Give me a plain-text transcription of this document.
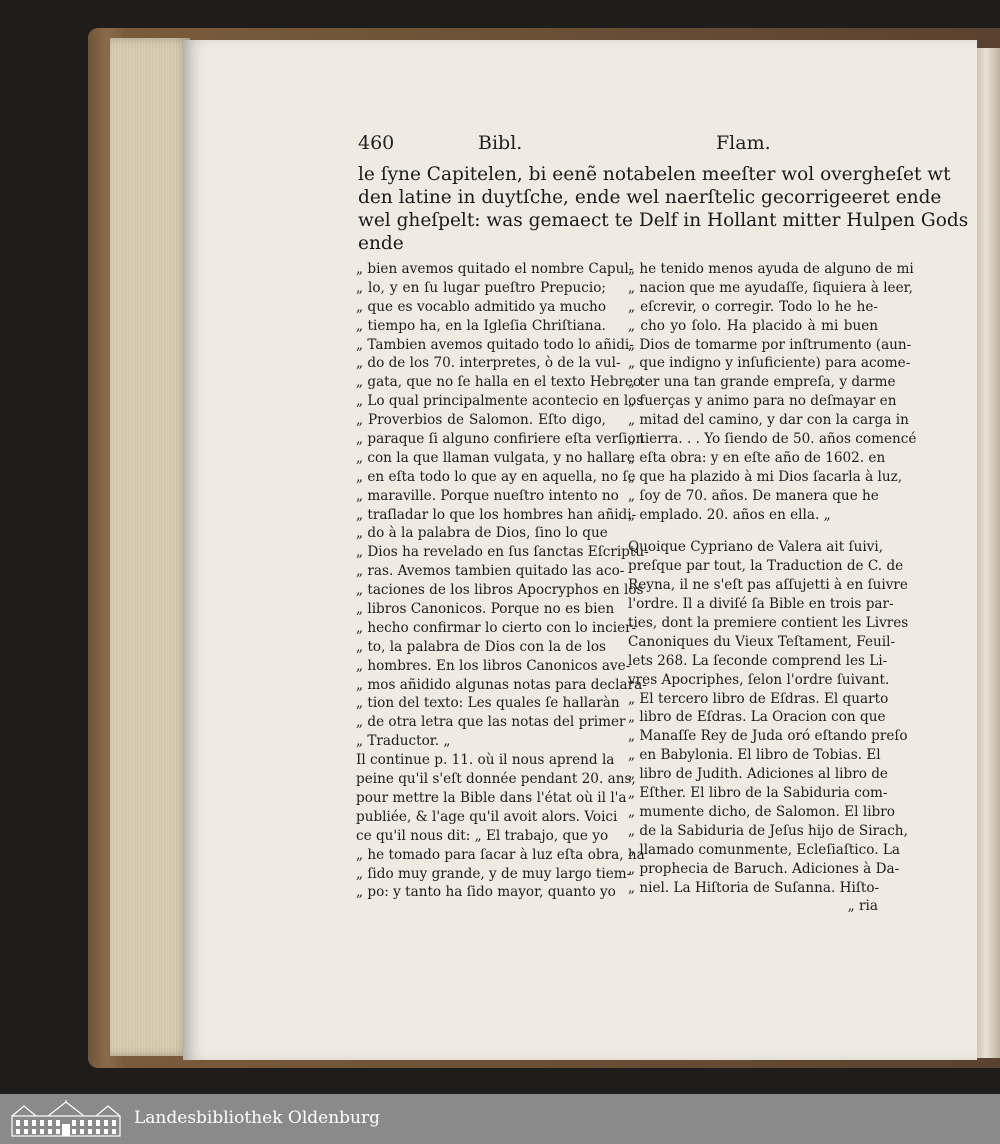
460	Bibl.	Flam.
le ſyne Capitelen, bi eenẽ notabelen meeſter wol overgheſet wt
den latine in duytſche, ende wel naerſtelic gecorrigeeret ende
wel gheſpelt: was gemaect te Delf in Hollant mitter Hulpen Gods
ende
„ bien avemos quitado el nombre Capul-
„ lo, y en ſu lugar pueſtro Prepucio;
„ que es vocablo admitido ya mucho
„ tiempo ha, en la Igleſia Chriſtiana.
„ Tambien avemos quitado todo lo añidi-
„ do de los 70. interpretes, ò de la vul-
„ gata, que no ſe halla en el texto Hebreo.
„ Lo qual principalmente acontecio en los
„ Proverbios de Salomon. Eſto digo,
„ paraque ſi alguno confiriere eſta verſion
„ con la que llaman vulgata, y no hallare
„ en eſta todo lo que ay en aquella, no ſe
„ maraville. Porque nueſtro intento no
„ traſladar lo que los hombres han añidi-
„ do à la palabra de Dios, ſino lo que
„ Dios ha revelado en ſus ſanctas Eſcriptu-
„ ras. Avemos tambien quitado las aco-
„ taciones de los libros Apocryphos en los
„ libros Canonicos. Porque no es bien
„ hecho confirmar lo cierto con lo incier-
„ to, la palabra de Dios con la de los
„ hombres. En los libros Canonicos ave-
„ mos añidido algunas notas para declara-
„ tion del texto: Les quales ſe hallaràn
„ de otra letra que las notas del primer
„ Traductor. „
Il continue p. 11. où il nous aprend la
peine qu'il s'eſt donnée pendant 20. ans,
pour mettre la Bible dans l'état où il l'a
publiée, & l'age qu'il avoit alors. Voici
ce qu'il nous dit: „ El trabajo, que yo
„ he tomado para ſacar à luz eſta obra, ha
„ ſido muy grande, y de muy largo tiem-
„ po: y tanto ha ſido mayor, quanto yo
„ he tenido menos ayuda de alguno de mi
„ nacion que me ayudaſſe, ſiquiera à leer,
„ eſcrevir, o corregir. Todo lo he he-
„ cho yo ſolo. Ha placido à mi buen
„ Dios de tomarme por inſtrumento (aun-
„ que indigno y inſuficiente) para acome-
„ ter una tan grande empreſa, y darme
„ fuerças y animo para no deſmayar en
„ mitad del camino, y dar con la carga in
„ tierra. . . Yo ſiendo de 50. años comencé
„ eſta obra: y en eſte año de 1602. en
„ que ha plazido à mi Dios ſacarla à luz,
„ ſoy de 70. años. De manera que he
„ emplado. 20. años en ella. „
Quoique Cypriano de Valera ait ſuivi,
preſque par tout, la Traduction de C. de
Reyna, il ne s'eſt pas aſſujetti à en ſuivre
l'ordre. Il a diviſé ſa Bible en trois par-
ties, dont la premiere contient les Livres
Canoniques du Vieux Teſtament, Feuil-
lets 268. La ſeconde comprend les Li-
vres Apocriphes, ſelon l'ordre ſuivant.
„ El tercero libro de Eſdras. El quarto
„ libro de Eſdras. La Oracion con que
„ Manaſſe Rey de Juda oró eſtando preſo
„ en Babylonia. El libro de Tobias. El
„ libro de Judith. Adiciones al libro de
„ Eſther. El libro de la Sabiduria com-
„ mumente dicho, de Salomon. El libro
„ de la Sabiduria de Jeſus hijo de Sirach,
„ llamado comunmente, Ecleſiaſtico. La
„ prophecia de Baruch. Adiciones à Da-
„ niel. La Hiſtoria de Suſanna. Hiſto-
„ ria
Landesbibliothek Oldenburg
